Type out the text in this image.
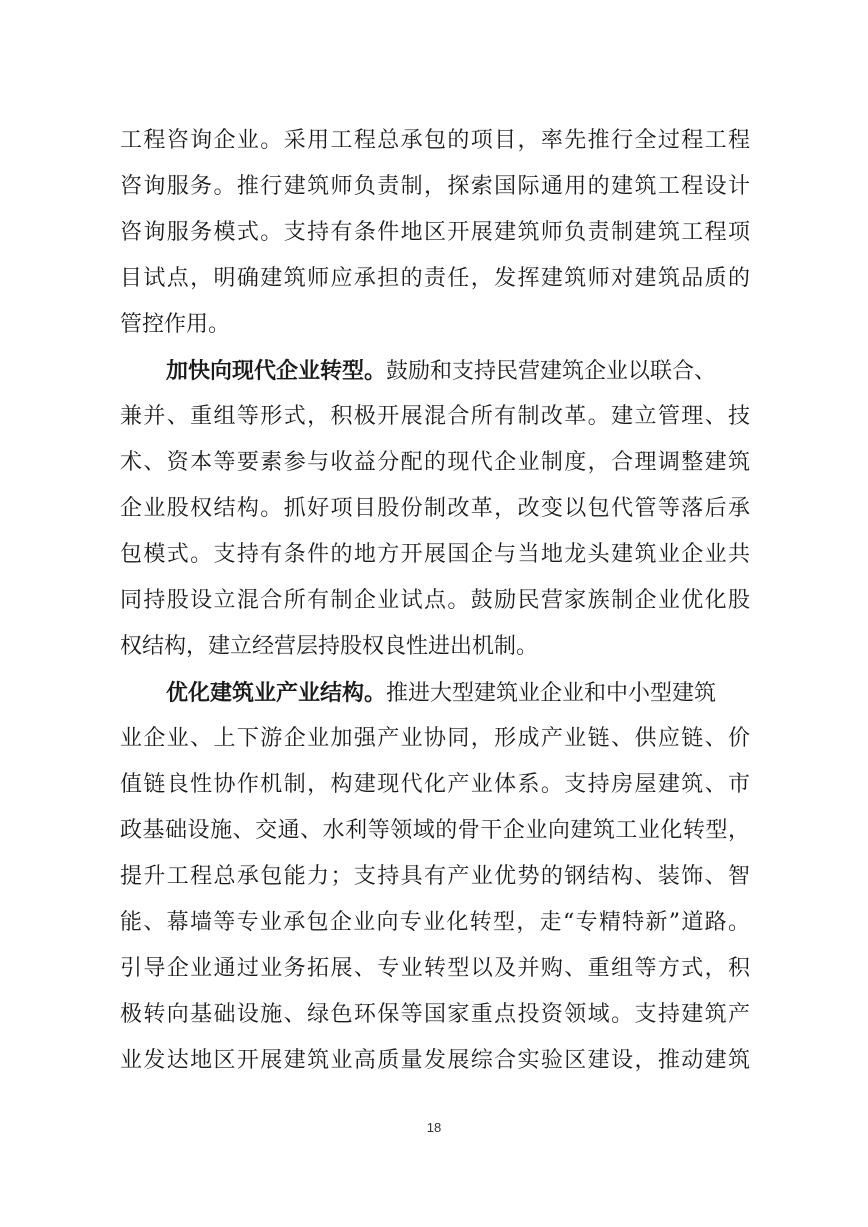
工程咨询企业。采用工程总承包的项目，率先推行全过程工程
咨询服务。推行建筑师负责制，探索国际通用的建筑工程设计
咨询服务模式。支持有条件地区开展建筑师负责制建筑工程项
目试点，明确建筑师应承担的责任，发挥建筑师对建筑品质的
管控作用。
加快向现代企业转型。鼓励和支持民营建筑企业以联合、
兼并、重组等形式，积极开展混合所有制改革。建立管理、技
术、资本等要素参与收益分配的现代企业制度，合理调整建筑
企业股权结构。抓好项目股份制改革，改变以包代管等落后承
包模式。支持有条件的地方开展国企与当地龙头建筑业企业共
同持股设立混合所有制企业试点。鼓励民营家族制企业优化股
权结构，建立经营层持股权良性进出机制。
优化建筑业产业结构。推进大型建筑业企业和中小型建筑
业企业、上下游企业加强产业协同，形成产业链、供应链、价
值链良性协作机制，构建现代化产业体系。支持房屋建筑、市
政基础设施、交通、水利等领域的骨干企业向建筑工业化转型，
提升工程总承包能力；支持具有产业优势的钢结构、装饰、智
能、幕墙等专业承包企业向专业化转型，走“专精特新”道路。
引导企业通过业务拓展、专业转型以及并购、重组等方式，积
极转向基础设施、绿色环保等国家重点投资领域。支持建筑产
业发达地区开展建筑业高质量发展综合实验区建设，推动建筑
18
